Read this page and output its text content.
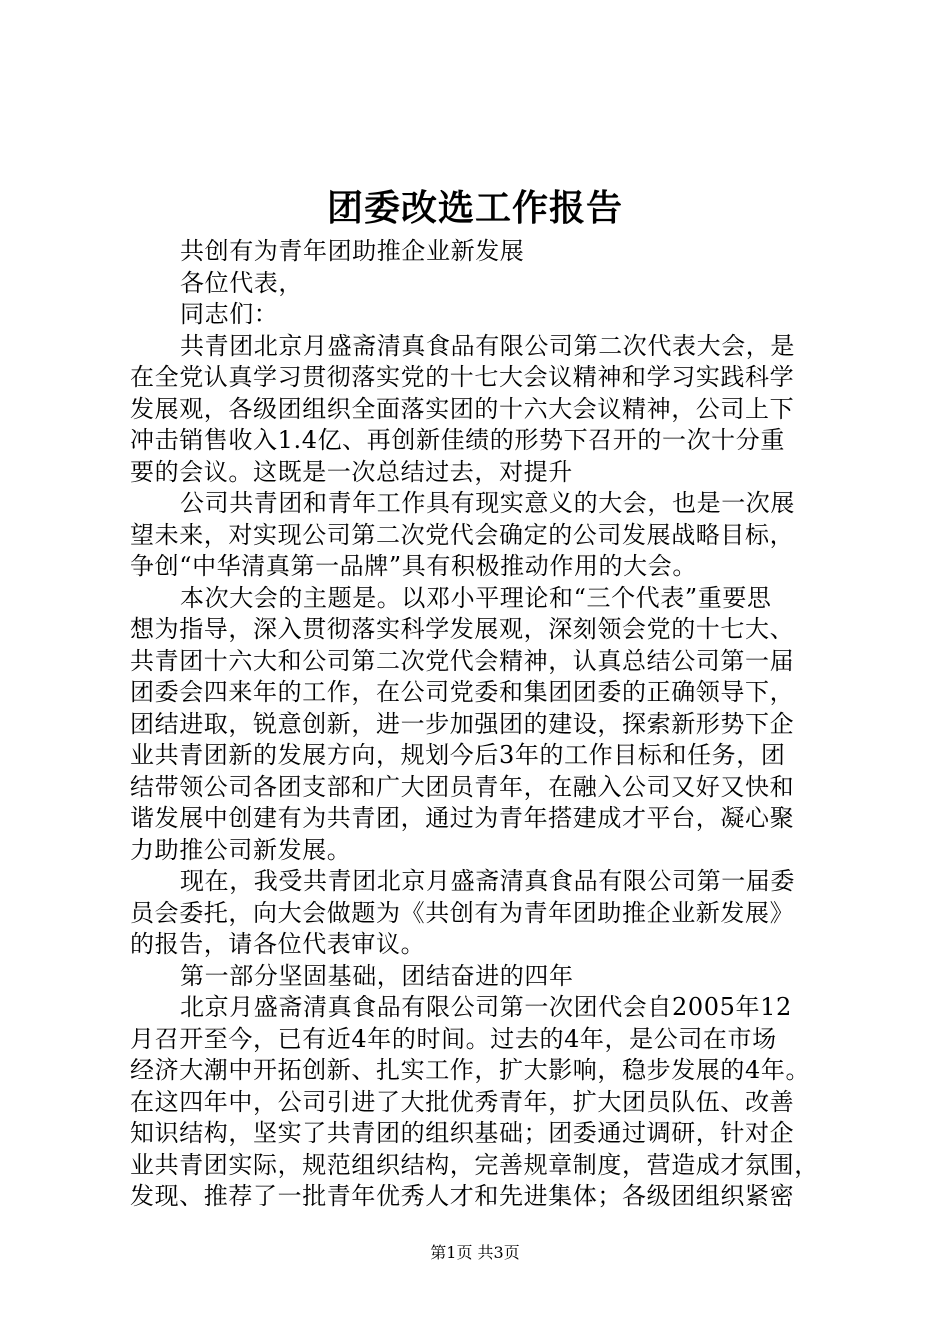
团委改选工作报告
共创有为青年团助推企业新发展
各位代表，
同志们：
共青团北京月盛斋清真食品有限公司第二次代表大会，是
在全党认真学习贯彻落实党的十七大会议精神和学习实践科学
发展观，各级团组织全面落实团的十六大会议精神，公司上下
冲击销售收入1.4亿、再创新佳绩的形势下召开的一次十分重
要的会议。这既是一次总结过去，对提升
公司共青团和青年工作具有现实意义的大会，也是一次展
望未来，对实现公司第二次党代会确定的公司发展战略目标，
争创“中华清真第一品牌”具有积极推动作用的大会。
本次大会的主题是。以邓小平理论和“三个代表”重要思
想为指导，深入贯彻落实科学发展观，深刻领会党的十七大、
共青团十六大和公司第二次党代会精神，认真总结公司第一届
团委会四来年的工作，在公司党委和集团团委的正确领导下，
团结进取，锐意创新，进一步加强团的建设，探索新形势下企
业共青团新的发展方向，规划今后3年的工作目标和任务，团
结带领公司各团支部和广大团员青年，在融入公司又好又快和
谐发展中创建有为共青团，通过为青年搭建成才平台，凝心聚
力助推公司新发展。
现在，我受共青团北京月盛斋清真食品有限公司第一届委
员会委托，向大会做题为《共创有为青年团助推企业新发展》
的报告，请各位代表审议。
第一部分坚固基础，团结奋进的四年
北京月盛斋清真食品有限公司第一次团代会自2005年12
月召开至今，已有近4年的时间。过去的4年，是公司在市场
经济大潮中开拓创新、扎实工作，扩大影响，稳步发展的4年。
在这四年中，公司引进了大批优秀青年，扩大团员队伍、改善
知识结构，坚实了共青团的组织基础；团委通过调研，针对企
业共青团实际，规范组织结构，完善规章制度，营造成才氛围，
发现、推荐了一批青年优秀人才和先进集体；各级团组织紧密
第1页 共3页
